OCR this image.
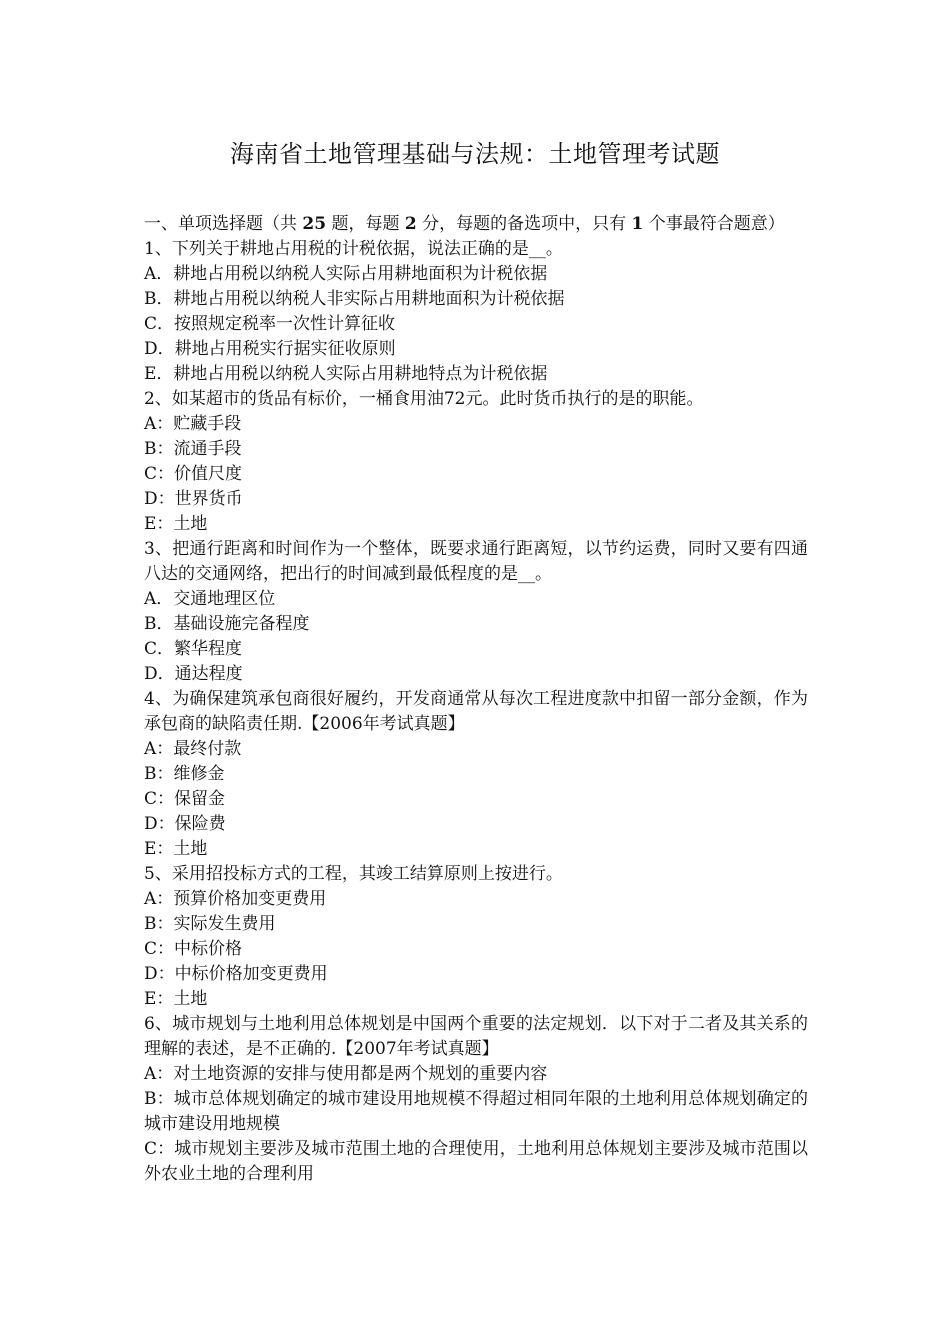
海南省土地管理基础与法规：土地管理考试题

一、单项选择题（共 25 题，每题 2 分，每题的备选项中，只有 1 个事最符合题意）

1、下列关于耕地占用税的计税依据，说法正确的是__。

A．耕地占用税以纳税人实际占用耕地面积为计税依据

B．耕地占用税以纳税人非实际占用耕地面积为计税依据

C．按照规定税率一次性计算征收

D．耕地占用税实行据实征收原则

E．耕地占用税以纳税人实际占用耕地特点为计税依据

2、如某超市的货品有标价，一桶食用油72元。此时货币执行的是的职能。

A：贮藏手段

B：流通手段

C：价值尺度

D：世界货币

E：土地

3、把通行距离和时间作为一个整体，既要求通行距离短，以节约运费，同时又要有四通八达的交通网络，把出行的时间减到最低程度的是__。

A．交通地理区位

B．基础设施完备程度

C．繁华程度

D．通达程度

4、为确保建筑承包商很好履约，开发商通常从每次工程进度款中扣留一部分金额，作为承包商的缺陷责任期.【2006年考试真题】

A：最终付款

B：维修金

C：保留金

D：保险费

E：土地

5、采用招投标方式的工程，其竣工结算原则上按进行。

A：预算价格加变更费用

B：实际发生费用

C：中标价格

D：中标价格加变更费用

E：土地

6、城市规划与土地利用总体规划是中国两个重要的法定规划．以下对于二者及其关系的理解的表述，是不正确的.【2007年考试真题】

A：对土地资源的安排与使用都是两个规划的重要内容

B：城市总体规划确定的城市建设用地规模不得超过相同年限的土地利用总体规划确定的城市建设用地规模

C：城市规划主要涉及城市范围土地的合理使用，土地利用总体规划主要涉及城市范围以外农业土地的合理利用
